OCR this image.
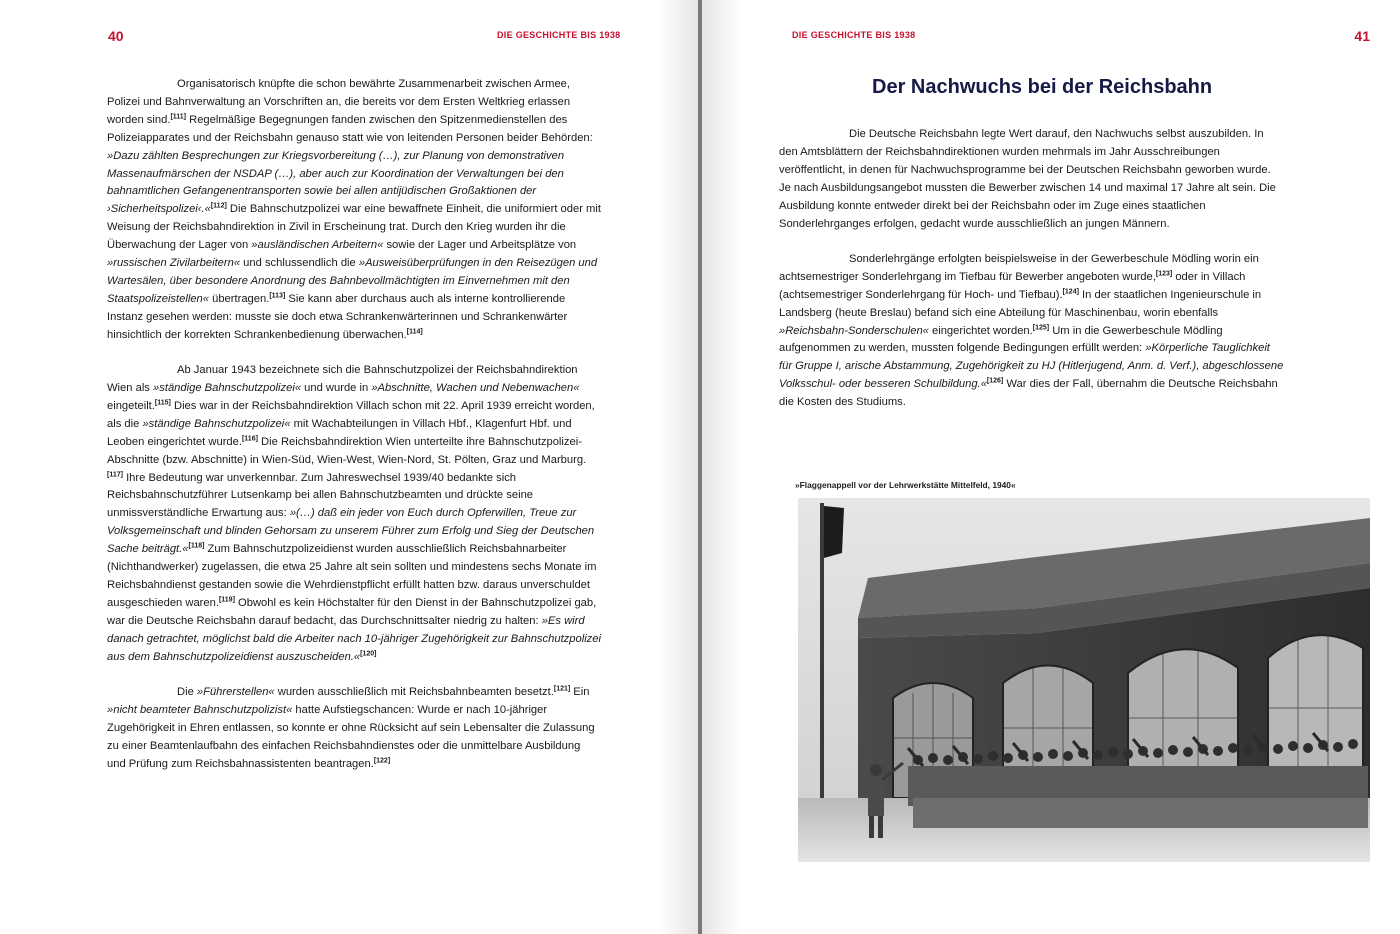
40	DIE GESCHICHTE BIS 1938

Organisatorisch knüpfte die schon bewährte Zusammenarbeit zwischen Armee, Polizei und Bahnverwaltung an Vorschriften an, die bereits vor dem Ersten Weltkrieg erlassen worden sind.[111] Regelmäßige Begegnungen fanden zwischen den Spitzenmedienstellen des Polizeiapparates und der Reichsbahn genauso statt wie von leitenden Personen beider Behörden: »Dazu zählten Besprechungen zur Kriegsvorbereitung (…), zur Planung von demonstrativen Massenaufmärschen der NSDAP (…), aber auch zur Koordination der Verwaltungen bei den bahnamtlichen Gefangenentransporten sowie bei allen antijüdischen Großaktionen der ›Sicherheitspolizei‹.«[112] Die Bahnschutzpolizei war eine bewaffnete Einheit, die uniformiert oder mit Weisung der Reichsbahndirektion in Zivil in Erscheinung trat. Durch den Krieg wurden ihr die Überwachung der Lager von »ausländischen Arbeitern« sowie der Lager und Arbeitsplätze von »russischen Zivilarbeitern« und schlussendlich die »Ausweisüberprüfungen in den Reisezügen und Wartesälen, über besondere Anordnung des Bahnbevollmächtigten im Einvernehmen mit den Staatspolizeistellen« übertragen.[113] Sie kann aber durchaus auch als interne kontrollierende Instanz gesehen werden: musste sie doch etwa Schrankenwärterinnen und Schrankenwärter hinsichtlich der korrekten Schrankenbedienung überwachen.[114]

Ab Januar 1943 bezeichnete sich die Bahnschutzpolizei der Reichsbahndirektion Wien als »ständige Bahnschutzpolizei« und wurde in »Abschnitte, Wachen und Nebenwachen« eingeteilt.[115] Dies war in der Reichsbahndirektion Villach schon mit 22. April 1939 erreicht worden, als die »ständige Bahnschutzpolizei« mit Wachabteilungen in Villach Hbf., Klagenfurt Hbf. und Leoben eingerichtet wurde.[116] Die Reichsbahndirektion Wien unterteilte ihre Bahnschutzpolizei-Abschnitte (bzw. Abschnitte) in Wien-Süd, Wien-West, Wien-Nord, St. Pölten, Graz und Marburg.[117] Ihre Bedeutung war unverkennbar. Zum Jahreswechsel 1939/40 bedankte sich Reichsbahnschutzführer Lutsenkamp bei allen Bahnschutzbeamten und drückte seine unmissverständliche Erwartung aus: »(…) daß ein jeder von Euch durch Opferwillen, Treue zur Volksgemeinschaft und blinden Gehorsam zu unserem Führer zum Erfolg und Sieg der Deutschen Sache beiträgt.«[118] Zum Bahnschutzpolizeidienst wurden ausschließlich Reichsbahnarbeiter (Nichthandwerker) zugelassen, die etwa 25 Jahre alt sein sollten und mindestens sechs Monate im Reichsbahndienst gestanden sowie die Wehrdienstpflicht erfüllt hatten bzw. daraus unverschuldet ausgeschieden waren.[119] Obwohl es kein Höchstalter für den Dienst in der Bahnschutzpolizei gab, war die Deutsche Reichsbahn darauf bedacht, das Durchschnittsalter niedrig zu halten: »Es wird danach getrachtet, möglichst bald die Arbeiter nach 10-jähriger Zugehörigkeit zur Bahnschutzpolizei aus dem Bahnschutzpolizeidienst auszuscheiden.«[120]

Die »Führerstellen« wurden ausschließlich mit Reichsbahnbeamten besetzt.[121] Ein »nicht beamteter Bahnschutzpolizist« hatte Aufstiegschancen: Wurde er nach 10-jähriger Zugehörigkeit in Ehren entlassen, so konnte er ohne Rücksicht auf sein Lebensalter die Zulassung zu einer Beamtenlaufbahn des einfachen Reichsbahndienstes oder die unmittelbare Ausbildung und Prüfung zum Reichsbahnassistenten beantragen.[122]

DIE GESCHICHTE BIS 1938	41
Der Nachwuchs bei der Reichsbahn

Die Deutsche Reichsbahn legte Wert darauf, den Nachwuchs selbst auszubilden. In den Amtsblättern der Reichsbahndirektionen wurden mehrmals im Jahr Ausschreibungen veröffentlicht, in denen für Nachwuchsprogramme bei der Deutschen Reichsbahn geworben wurde. Je nach Ausbildungsangebot mussten die Bewerber zwischen 14 und maximal 17 Jahre alt sein. Die Ausbildung konnte entweder direkt bei der Reichsbahn oder im Zuge eines staatlichen Sonderlehrganges erfolgen, gedacht wurde ausschließlich an jungen Männern.

Sonderlehrgänge erfolgten beispielsweise in der Gewerbeschule Mödling worin ein achtsemestriger Sonderlehrgang im Tiefbau für Bewerber angeboten wurde,[123] oder in Villach (achtsemestriger Sonderlehrgang für Hoch- und Tiefbau).[124] In der staatlichen Ingenieurschule in Landsberg (heute Breslau) befand sich eine Abteilung für Maschinenbau, worin ebenfalls »Reichsbahn-Sonderschulen« eingerichtet worden.[125] Um in die Gewerbeschule Mödling aufgenommen zu werden, mussten folgende Bedingungen erfüllt werden: »Körperliche Tauglichkeit für Gruppe I, arische Abstammung, Zugehörigkeit zu HJ (Hitlerjugend, Anm. d. Verf.), abgeschlossene Volksschul- oder besseren Schulbildung.«[126] War dies der Fall, übernahm die Deutsche Reichsbahn die Kosten des Studiums.

»Flaggenappell vor der Lehrwerkstätte Mittelfeld, 1940«
